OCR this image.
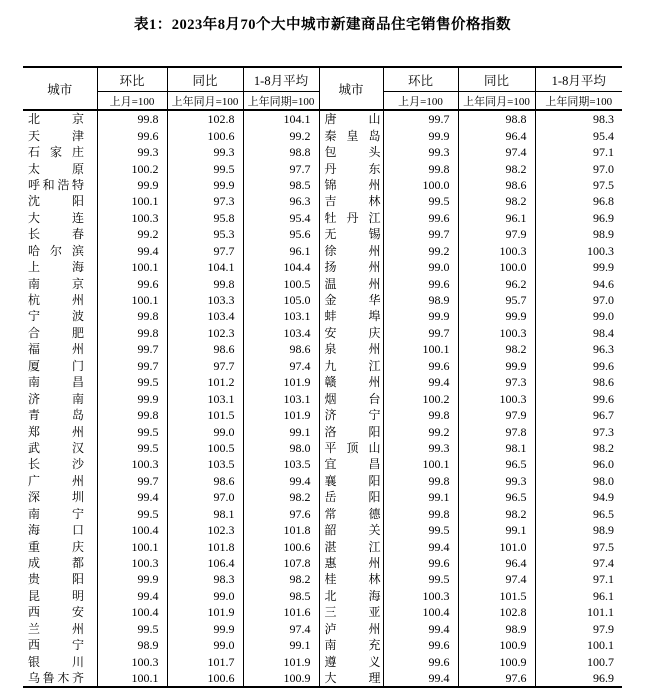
表1：2023年8月70个大中城市新建商品住宅销售价格指数
城市	环比	同比	1-8月平均	城市	环比	同比	1-8月平均
	上月=100	上年同月=100	上年同期=100		上月=100	上年同月=100	上年同期=100

北 京	99.8	102.8	104.1	唐 山	99.7	98.8	98.3

天 津	99.6	100.6	99.2	秦 皇 岛	99.9	96.4	95.4

石 家 庄	99.3	99.3	98.8	包 头	99.3	97.4	97.1

太 原	100.2	99.5	97.7	丹 东	99.8	98.2	97.0

呼 和 浩 特	99.9	99.9	98.5	锦 州	100.0	98.6	97.5

沈 阳	100.1	97.3	96.3	吉 林	99.5	98.2	96.8

大 连	100.3	95.8	95.4	牡 丹 江	99.6	96.1	96.9

长 春	99.2	95.3	95.6	无 锡	99.7	97.9	98.9

哈 尔 滨	99.4	97.7	96.1	徐 州	99.2	100.3	100.3

上 海	100.1	104.1	104.4	扬 州	99.0	100.0	99.9

南 京	99.6	99.8	100.5	温 州	99.6	96.2	94.6

杭 州	100.1	103.3	105.0	金 华	98.9	95.7	97.0

宁 波	99.8	103.4	103.1	蚌 埠	99.9	99.9	99.0

合 肥	99.8	102.3	103.4	安 庆	99.7	100.3	98.4

福 州	99.7	98.6	98.6	泉 州	100.1	98.2	96.3

厦 门	99.7	97.7	97.4	九 江	99.6	99.9	99.6

南 昌	99.5	101.2	101.9	赣 州	99.4	97.3	98.6

济 南	99.9	103.1	103.1	烟 台	100.2	100.3	99.6

青 岛	99.8	101.5	101.9	济 宁	99.8	97.9	96.7

郑 州	99.5	99.0	99.1	洛 阳	99.2	97.8	97.3

武 汉	99.5	100.5	98.0	平 顶 山	99.3	98.1	98.2

长 沙	100.3	103.5	103.5	宜 昌	100.1	96.5	96.0

广 州	99.7	98.6	99.4	襄 阳	99.8	99.3	98.0

深 圳	99.4	97.0	98.2	岳 阳	99.1	96.5	94.9

南 宁	99.5	98.1	97.6	常 德	99.8	98.2	96.5

海 口	100.4	102.3	101.8	韶 关	99.5	99.1	98.9

重 庆	100.1	101.8	100.6	湛 江	99.4	101.0	97.5

成 都	100.3	106.4	107.8	惠 州	99.6	96.4	97.4

贵 阳	99.9	98.3	98.2	桂 林	99.5	97.4	97.1

昆 明	99.4	99.0	98.5	北 海	100.3	101.5	96.1

西 安	100.4	101.9	101.6	三 亚	100.4	102.8	101.1

兰 州	99.5	99.9	97.4	泸 州	99.4	98.9	97.9

西 宁	98.9	99.0	99.1	南 充	99.6	100.9	100.1

银 川	100.3	101.7	101.9	遵 义	99.6	100.9	100.7

乌 鲁 木 齐	100.1	100.6	100.9	大 理	99.4	97.6	96.9
